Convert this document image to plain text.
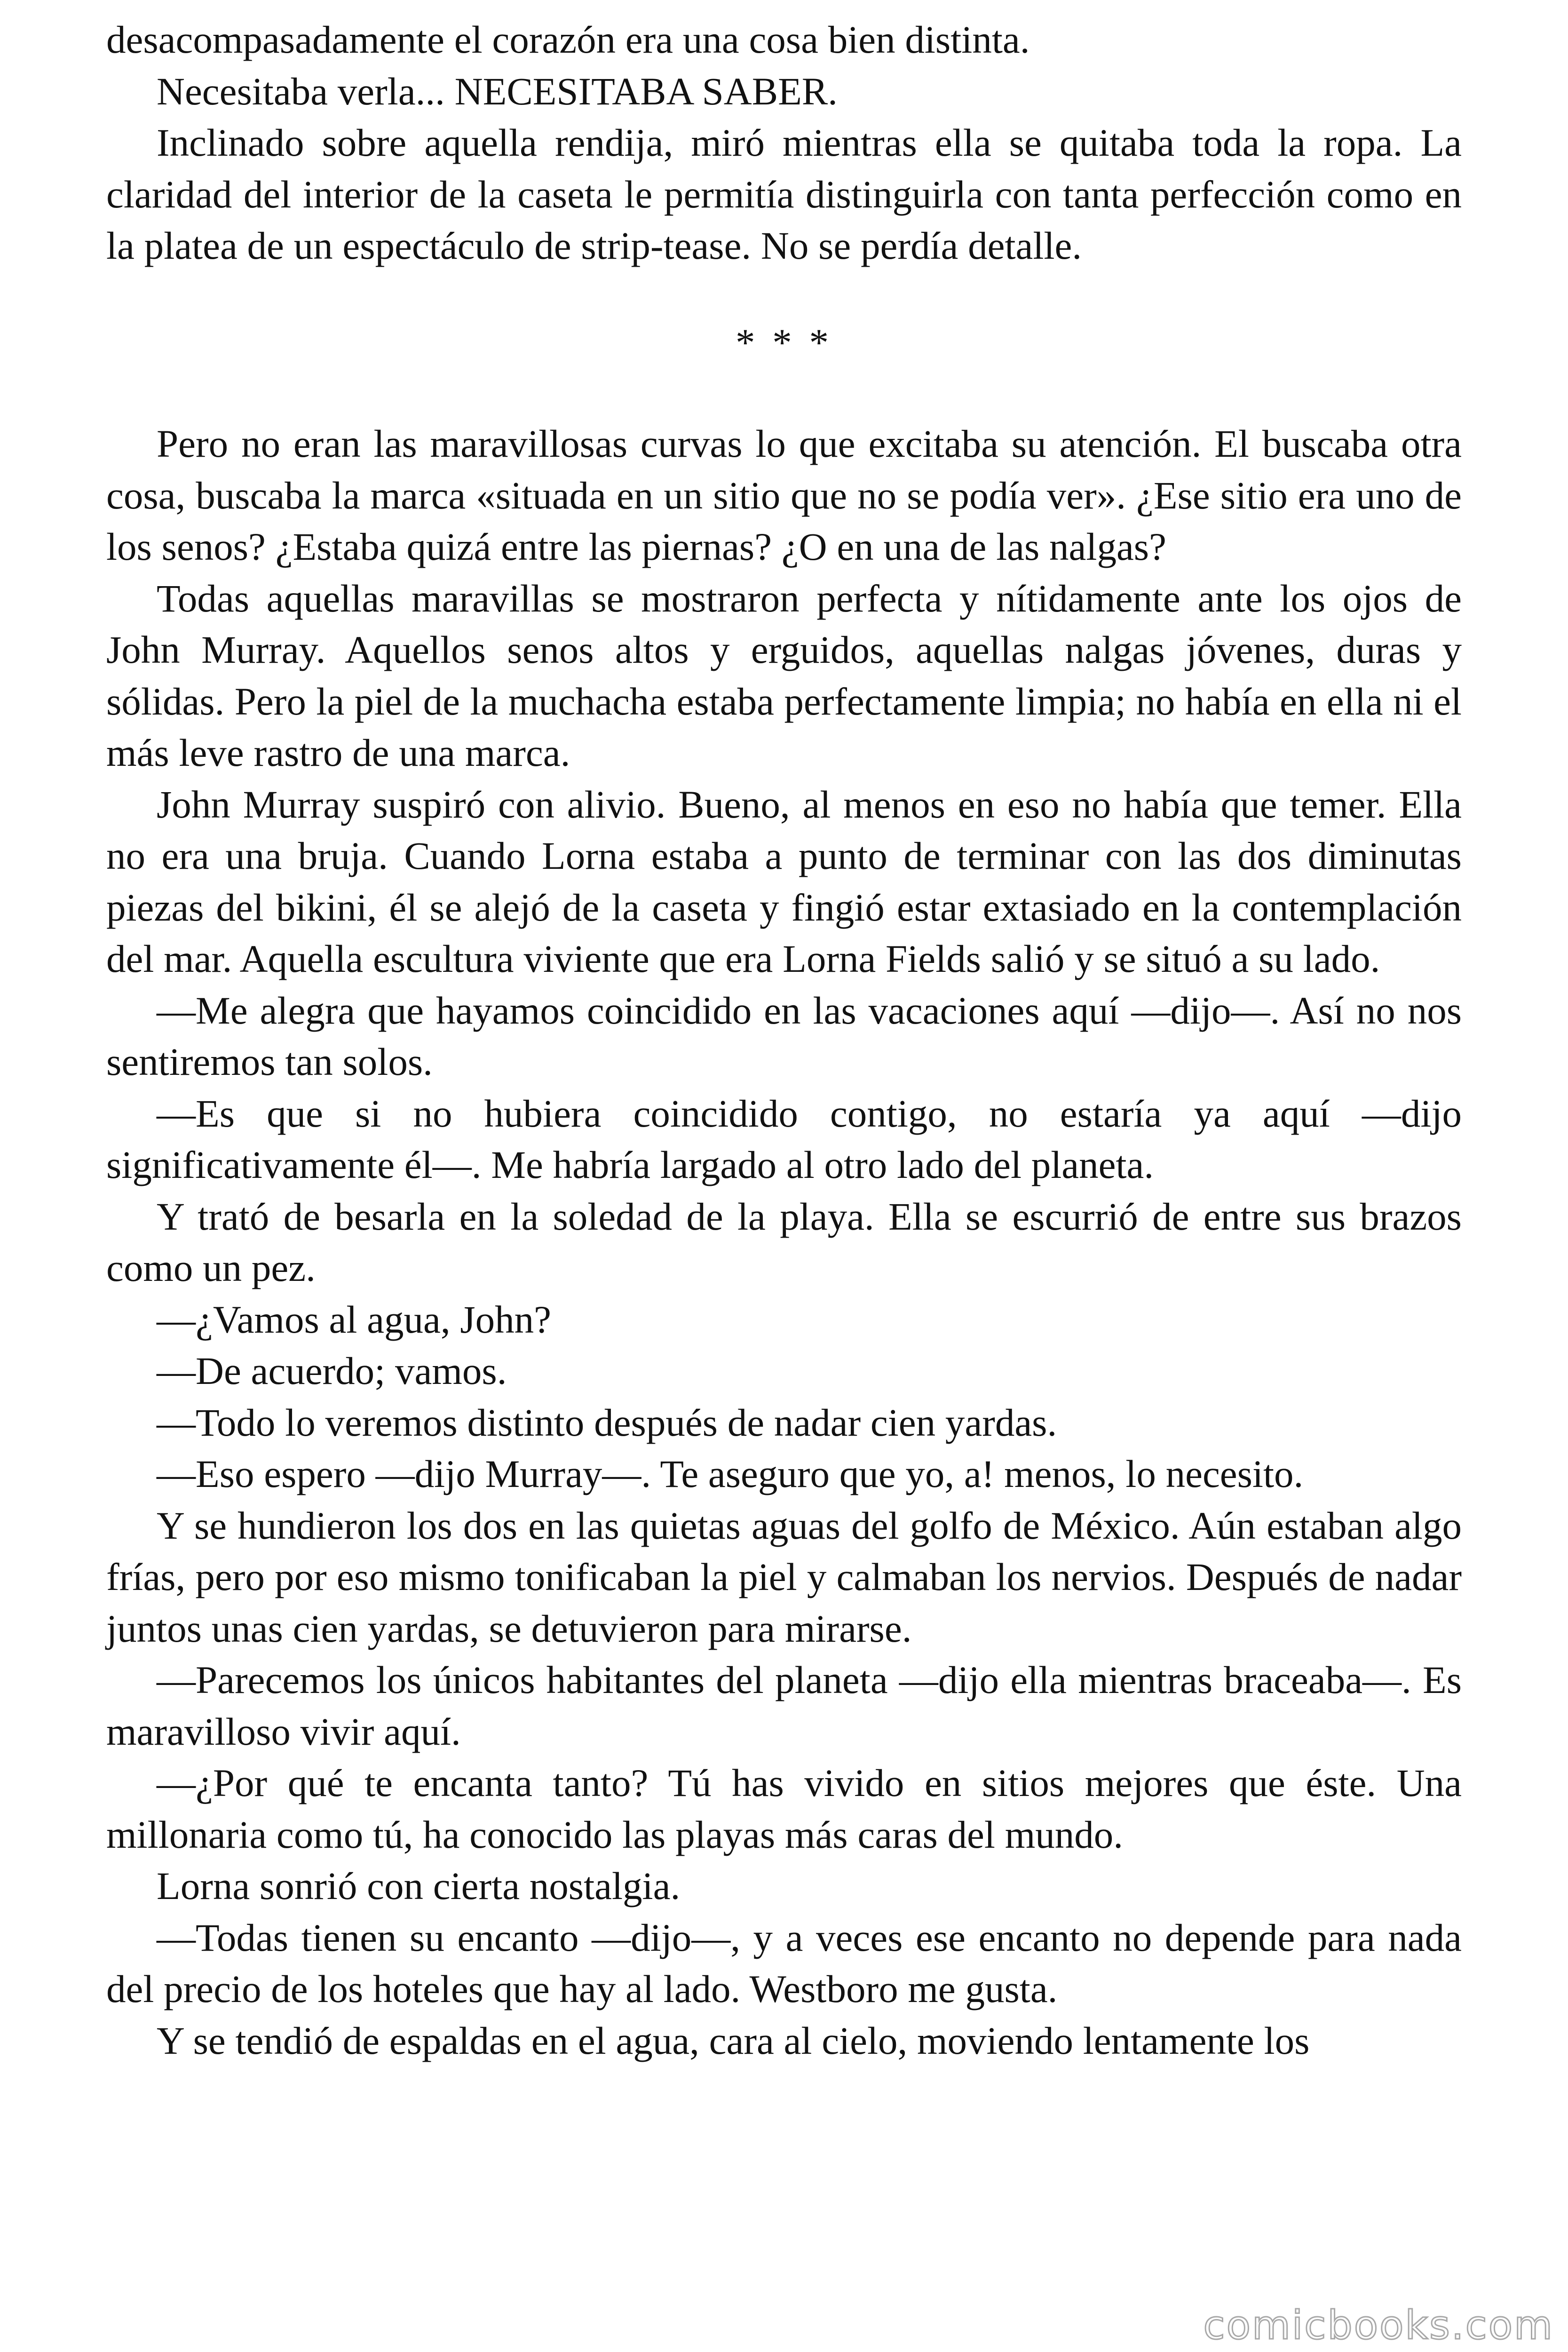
desacompasadamente el corazón era una cosa bien distinta.

Necesitaba verla... NECESITABA SABER.

Inclinado sobre aquella rendija, miró mientras ella se quitaba toda la ropa. La claridad del interior de la caseta le permitía distinguirla con tanta perfección como en la platea de un espectáculo de strip-tease. No se perdía detalle.

* * *

Pero no eran las maravillosas curvas lo que excitaba su atención. El buscaba otra cosa, buscaba la marca «situada en un sitio que no se podía ver». ¿Ese sitio era uno de los senos? ¿Estaba quizá entre las piernas? ¿O en una de las nalgas?

Todas aquellas maravillas se mostraron perfecta y nítidamente ante los ojos de John Murray. Aquellos senos altos y erguidos, aquellas nalgas jóvenes, duras y sólidas. Pero la piel de la muchacha estaba perfectamente limpia; no había en ella ni el más leve rastro de una marca.

John Murray suspiró con alivio. Bueno, al menos en eso no había que temer. Ella no era una bruja. Cuando Lorna estaba a punto de terminar con las dos diminutas piezas del bikini, él se alejó de la caseta y fingió estar extasiado en la contemplación del mar. Aquella escultura viviente que era Lorna Fields salió y se situó a su lado.

—Me alegra que hayamos coincidido en las vacaciones aquí —dijo—. Así no nos sentiremos tan solos.

—Es que si no hubiera coincidido contigo, no estaría ya aquí —dijo significativamente él—. Me habría largado al otro lado del planeta.

Y trató de besarla en la soledad de la playa. Ella se escurrió de entre sus brazos como un pez.

—¿Vamos al agua, John?

—De acuerdo; vamos.

—Todo lo veremos distinto después de nadar cien yardas.

—Eso espero —dijo Murray—. Te aseguro que yo, a! menos, lo necesito.

Y se hundieron los dos en las quietas aguas del golfo de México. Aún estaban algo frías, pero por eso mismo tonificaban la piel y calmaban los nervios. Después de nadar juntos unas cien yardas, se detuvieron para mirarse.

—Parecemos los únicos habitantes del planeta —dijo ella mientras braceaba—. Es maravilloso vivir aquí.

—¿Por qué te encanta tanto? Tú has vivido en sitios mejores que éste. Una millonaria como tú, ha conocido las playas más caras del mundo.

Lorna sonrió con cierta nostalgia.

—Todas tienen su encanto —dijo—, y a veces ese encanto no depende para nada del precio de los hoteles que hay al lado. Westboro me gusta.

Y se tendió de espaldas en el agua, cara al cielo, moviendo lentamente los

comicbooks.com
